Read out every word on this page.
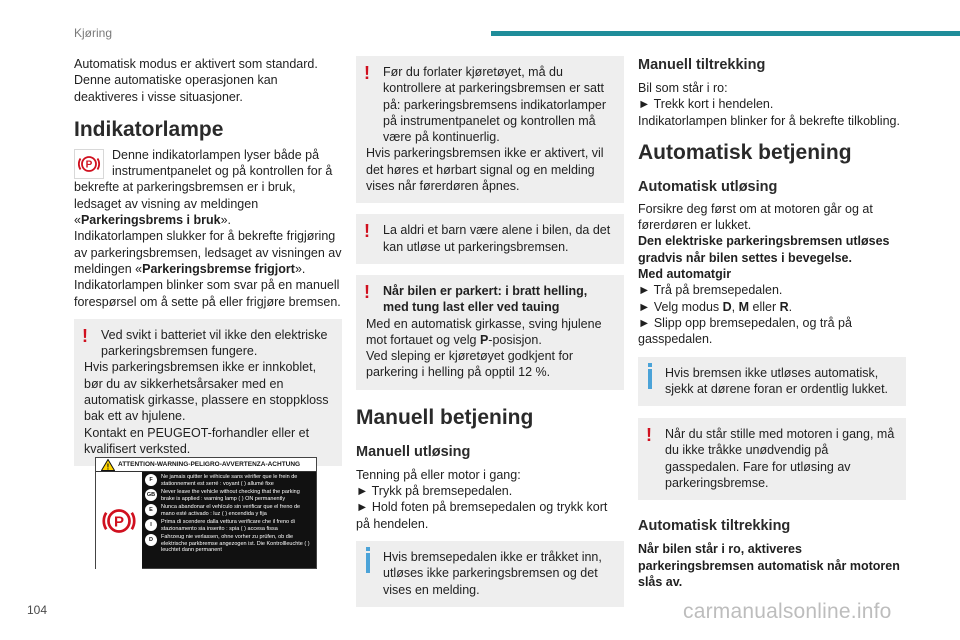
Kjøring

Automatisk modus er aktivert som standard. Denne automatiske operasjonen kan deaktiveres i visse situasjoner.

Indikatorlampe
P
Denne indikatorlampen lyser både på instrumentpanelet og på kontrollen for å bekrefte at parkeringsbremsen er i bruk, ledsaget av visning av meldingen «Parkeringsbrems i bruk».

Indikatorlampen slukker for å bekrefte frigjøring av parkeringsbremsen, ledsaget av visningen av meldingen «Parkeringsbremse frigjort».

Indikatorlampen blinker som svar på en manuell forespørsel om å sette på eller frigjøre bremsen.

!	Ved svikt i batteriet vil ikke den elektriske parkeringsbremsen fungere.

Hvis parkeringsbremsen ikke er innkoblet, bør du av sikkerhetsårsaker med en automatisk girkasse, plassere en stoppkloss bak ett av hjulene.

Kontakt en PEUGEOT-forhandler eller et kvalifisert verksted.

! ATTENTION-WARNING-PELIGRO-AVVERTENZA-ACHTUNG
P
F	Ne jamais quitter le véhicule sans vérifier que le frein de stationnement est serré : voyant ( ) allumé fixe
GB	Never leave the vehicle without checking that the parking brake is applied : warning lamp ( ) ON permanently
E	Nunca abandonar el vehículo sin verificar que el freno de mano esté activado : luz ( ) encendida y fija
I	Prima di scendere dalla vettura verificare che il freno di stazionamento sia inserito : spia ( ) accesa fissa
D	Fahrzeug nie verlassen, ohne vorher zu prüfen, ob die elektrische parkbremse angezogen ist. Die Kontrollleuchte ( ) leuchtet dann permanent
!	Før du forlater kjøretøyet, må du kontrollere at parkeringsbremsen er satt på: parkeringsbremsens indikatorlamper på instrumentpanelet og kontrollen må være på kontinuerlig.

Hvis parkeringsbremsen ikke er aktivert, vil det høres et hørbart signal og en melding vises når førerdøren åpnes.

!	La aldri et barn være alene i bilen, da det kan utløse ut parkeringsbremsen.

!	Når bilen er parkert: i bratt helling, med tung last eller ved tauing

Med en automatisk girkasse, sving hjulene mot fortauet og velg P-posisjon.

Ved sleping er kjøretøyet godkjent for parkering i helling på opptil 12 %.

Manuell betjening
Manuell utløsing

Tenning på eller motor i gang:

► Trykk på bremsepedalen.

► Hold foten på bremsepedalen og trykk kort på hendelen.

Hvis bremsepedalen ikke er tråkket inn, utløses ikke parkeringsbremsen og det vises en melding.

Manuell tiltrekking

Bil som står i ro:

► Trekk kort i hendelen.

Indikatorlampen blinker for å bekrefte tilkobling.

Automatisk betjening
Automatisk utløsing

Forsikre deg først om at motoren går og at førerdøren er lukket.

Den elektriske parkeringsbremsen utløses gradvis når bilen settes i bevegelse.

Med automatgir

► Trå på bremsepedalen.

► Velg modus D, M eller R.

► Slipp opp bremsepedalen, og trå på gasspedalen.

Hvis bremsen ikke utløses automatisk, sjekk at dørene foran er ordentlig lukket.

!	Når du står stille med motoren i gang, må du ikke tråkke unødvendig på gasspedalen. Fare for utløsing av parkeringsbremse.

Automatisk tiltrekking

Når bilen står i ro, aktiveres parkeringsbremsen automatisk når motoren slås av.

104	carmanualsonline.info
